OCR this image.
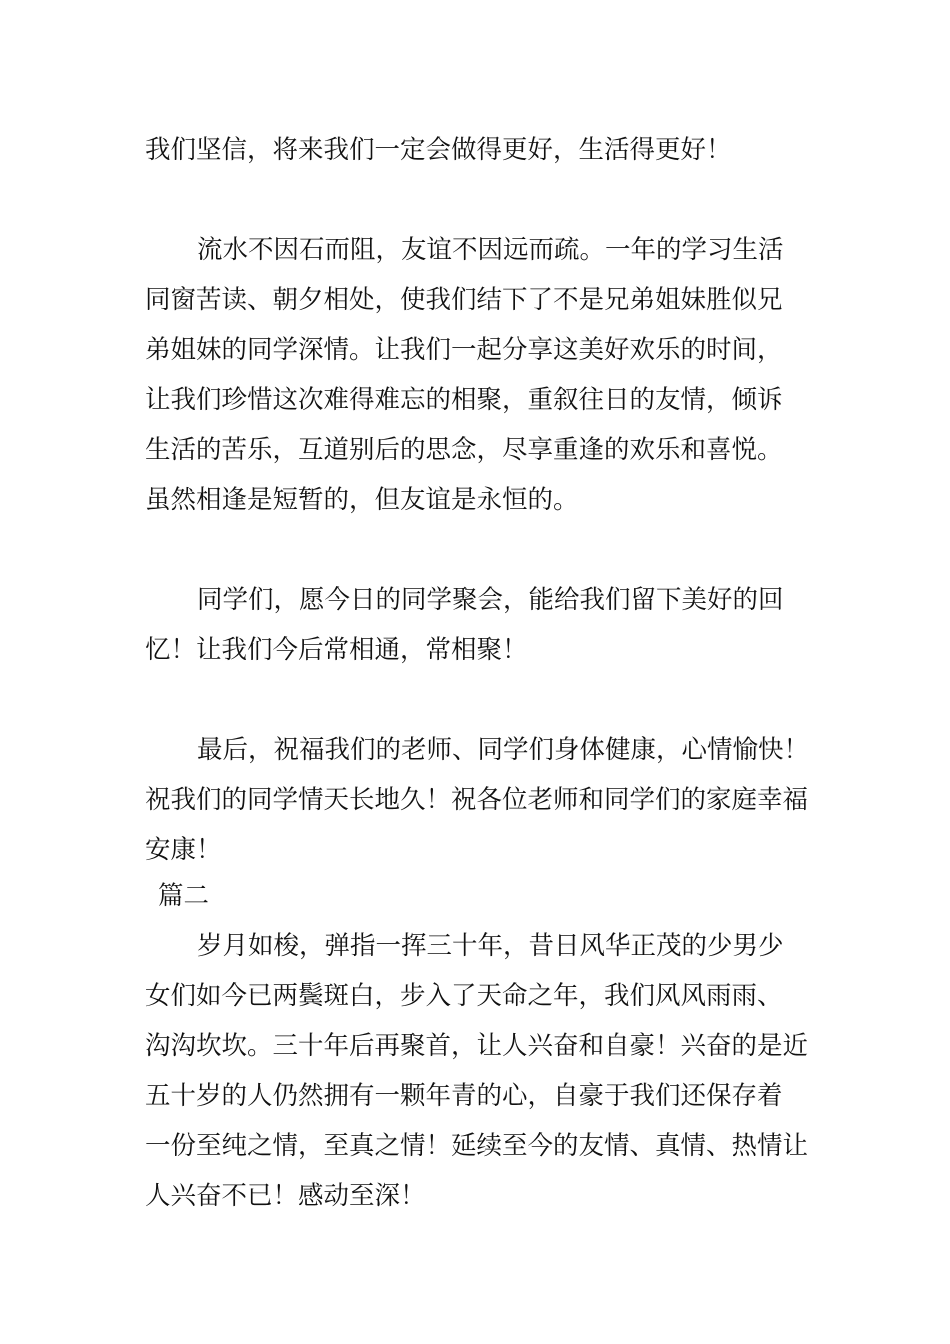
我们坚信，将来我们一定会做得更好，生活得更好！

流水不因石而阻，友谊不因远而疏。一年的学习生活

同窗苦读、朝夕相处，使我们结下了不是兄弟姐妹胜似兄

弟姐妹的同学深情。让我们一起分享这美好欢乐的时间，

让我们珍惜这次难得难忘的相聚，重叙往日的友情，倾诉

生活的苦乐，互道别后的思念，尽享重逢的欢乐和喜悦。

虽然相逢是短暂的，但友谊是永恒的。

同学们，愿今日的同学聚会，能给我们留下美好的回

忆！让我们今后常相通，常相聚！

最后，祝福我们的老师、同学们身体健康，心情愉快！

祝我们的同学情天长地久！祝各位老师和同学们的家庭幸福

安康！

篇二

岁月如梭，弹指一挥三十年，昔日风华正茂的少男少

女们如今已两鬓斑白，步入了天命之年，我们风风雨雨、

沟沟坎坎。三十年后再聚首，让人兴奋和自豪！兴奋的是近

五十岁的人仍然拥有一颗年青的心，自豪于我们还保存着

一份至纯之情，至真之情！延续至今的友情、真情、热情让

人兴奋不已！感动至深！
